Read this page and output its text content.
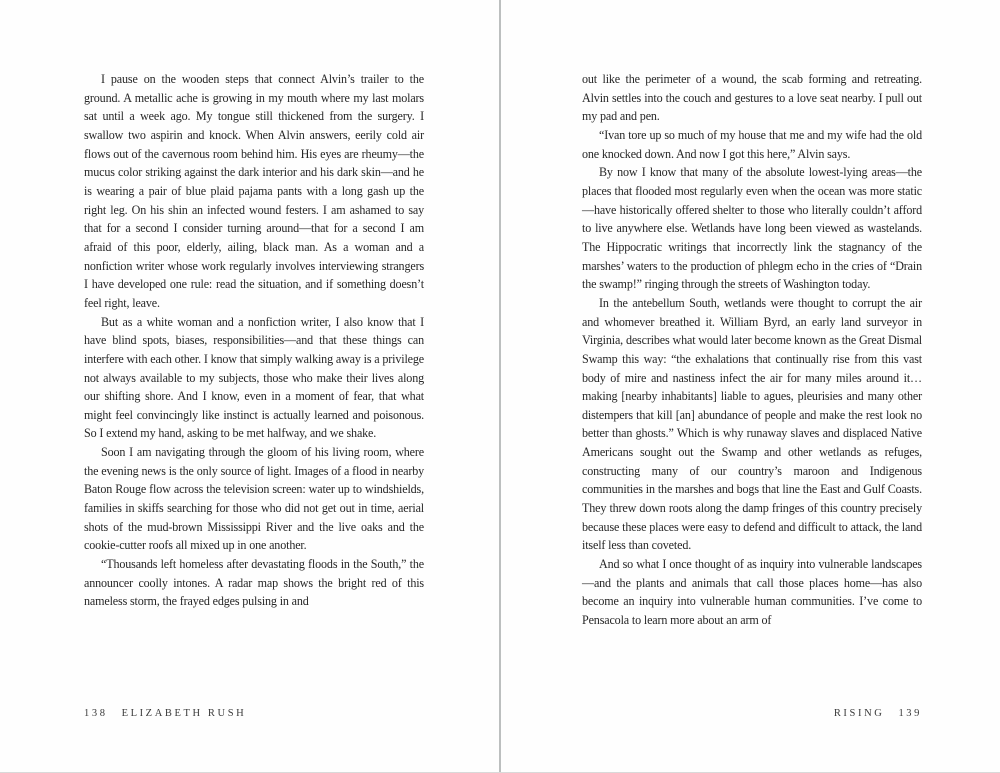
I pause on the wooden steps that connect Alvin’s trailer to the ground. A metallic ache is growing in my mouth where my last molars sat until a week ago. My tongue still thickened from the surgery. I swallow two aspirin and knock. When Alvin answers, eerily cold air flows out of the cavernous room behind him. His eyes are rheumy—the mucus color striking against the dark interior and his dark skin—and he is wearing a pair of blue plaid pajama pants with a long gash up the right leg. On his shin an infected wound festers. I am ashamed to say that for a second I consider turning around—that for a second I am afraid of this poor, elderly, ailing, black man. As a woman and a nonfiction writer whose work regularly involves interviewing strangers I have developed one rule: read the situation, and if something doesn’t feel right, leave.

But as a white woman and a nonfiction writer, I also know that I have blind spots, biases, responsibilities—and that these things can interfere with each other. I know that simply walking away is a privilege not always available to my subjects, those who make their lives along our shifting shore. And I know, even in a moment of fear, that what might feel convincingly like instinct is actually learned and poisonous. So I extend my hand, asking to be met halfway, and we shake.

Soon I am navigating through the gloom of his living room, where the evening news is the only source of light. Images of a flood in nearby Baton Rouge flow across the television screen: water up to windshields, families in skiffs searching for those who did not get out in time, aerial shots of the mud-brown Mississippi River and the live oaks and the cookie-cutter roofs all mixed up in one another.

“Thousands left homeless after devastating floods in the South,” the announcer coolly intones. A radar map shows the bright red of this nameless storm, the frayed edges pulsing in and

138 ELIZABETH RUSH

out like the perimeter of a wound, the scab forming and retreating. Alvin settles into the couch and gestures to a love seat nearby. I pull out my pad and pen.

“Ivan tore up so much of my house that me and my wife had the old one knocked down. And now I got this here,” Alvin says.

By now I know that many of the absolute lowest-lying areas—the places that flooded most regularly even when the ocean was more static—have historically offered shelter to those who literally couldn’t afford to live anywhere else. Wetlands have long been viewed as wastelands. The Hippocratic writings that incorrectly link the stagnancy of the marshes’ waters to the production of phlegm echo in the cries of “Drain the swamp!” ringing through the streets of Washington today.

In the antebellum South, wetlands were thought to corrupt the air and whomever breathed it. William Byrd, an early land surveyor in Virginia, describes what would later become known as the Great Dismal Swamp this way: “the exhalations that continually rise from this vast body of mire and nastiness infect the air for many miles around it…making [nearby inhabitants] liable to agues, pleurisies and many other distempers that kill [an] abundance of people and make the rest look no better than ghosts.” Which is why runaway slaves and displaced Native Americans sought out the Swamp and other wetlands as refuges, constructing many of our country’s maroon and Indigenous communities in the marshes and bogs that line the East and Gulf Coasts. They threw down roots along the damp fringes of this country precisely because these places were easy to defend and difficult to attack, the land itself less than coveted.

And so what I once thought of as inquiry into vulnerable landscapes—and the plants and animals that call those places home—has also become an inquiry into vulnerable human communities. I’ve come to Pensacola to learn more about an arm of

RISING 139
